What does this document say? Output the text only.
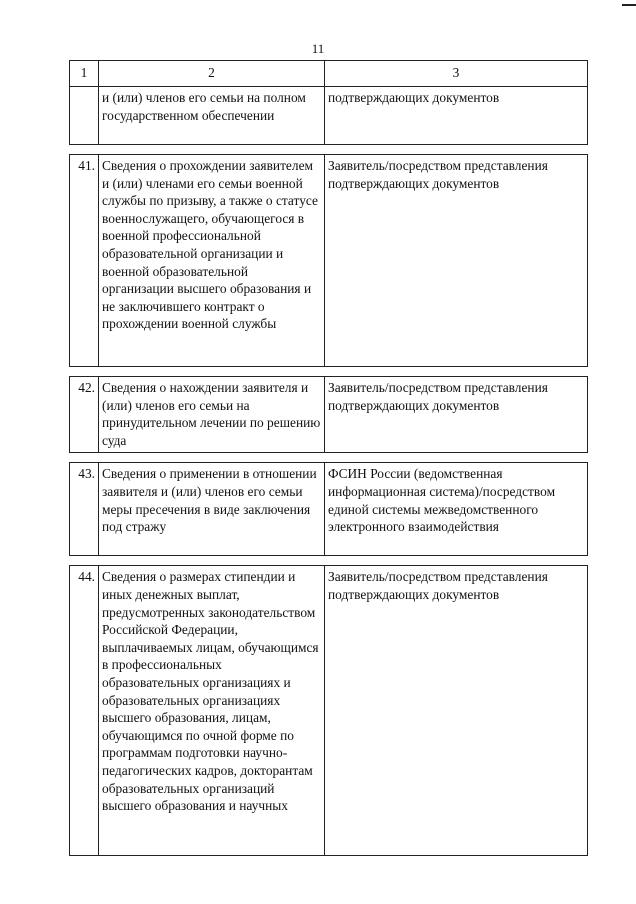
11
1	2	3
	и (или) членов его семьи на полном государственном обеспечении	подтверждающих документов

41.	Сведения о прохождении заявителем и (или) членами его семьи военной службы по призыву, а также о статусе военнослужащего, обучающегося в военной профессиональной образовательной организации и военной образовательной организации высшего образования и не заключившего контракт о прохождении военной службы	Заявитель/посредством представления подтверждающих документов

42.	Сведения о нахождении заявителя и (или) членов его семьи на принудительном лечении по решению суда	Заявитель/посредством представления подтверждающих документов

43.	Сведения о применении в отношении заявителя и (или) членов его семьи меры пресечения в виде заключения под стражу	ФСИН России (ведомственная информационная система)/посредством единой системы межведомственного электронного взаимодействия

44.	Сведения о размерах стипендии и иных денежных выплат, предусмотренных законодательством Российской Федерации, выплачиваемых лицам, обучающимся в профессиональных образовательных организациях и образовательных организациях высшего образования, лицам, обучающимся по очной форме по программам подготовки научно-педагогических кадров, докторантам образовательных организаций высшего образования и научных	Заявитель/посредством представления подтверждающих документов
